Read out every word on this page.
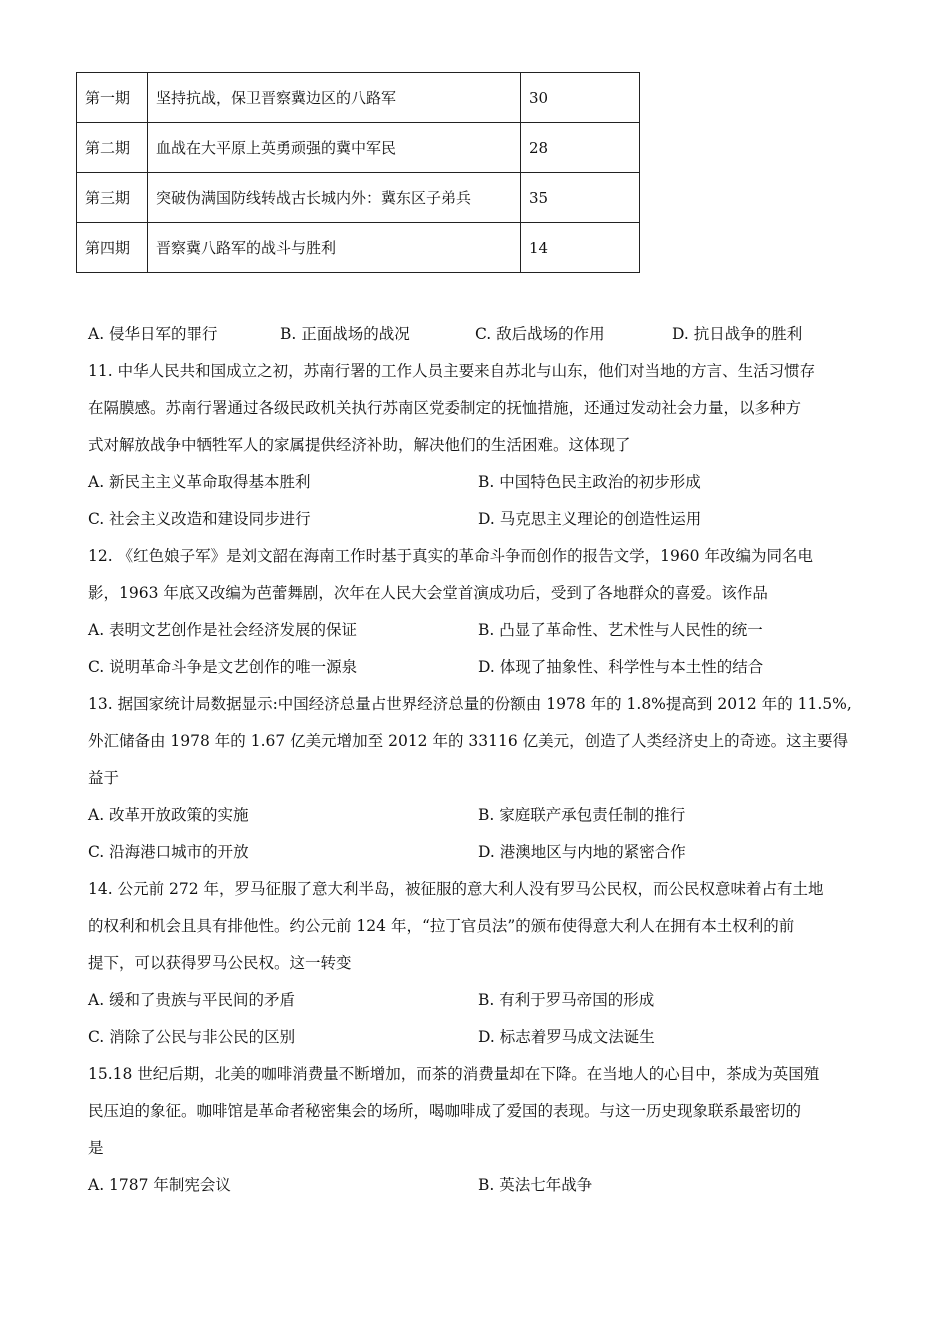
第一期	坚持抗战，保卫晋察冀边区的八路军	30
第二期	血战在大平原上英勇顽强的冀中军民	28
第三期	突破伪满国防线转战古长城内外：冀东区子弟兵	35
第四期	晋察冀八路军的战斗与胜利	14
A. 侵华日军的罪行	B. 正面战场的战况	C. 敌后战场的作用	D. 抗日战争的胜利
11. 中华人民共和国成立之初，苏南行署的工作人员主要来自苏北与山东，他们对当地的方言、生活习惯存
在隔膜感。苏南行署通过各级民政机关执行苏南区党委制定的抚恤措施，还通过发动社会力量，以多种方
式对解放战争中牺牲军人的家属提供经济补助，解决他们的生活困难。这体现了
A. 新民主主义革命取得基本胜利	B. 中国特色民主政治的初步形成
C. 社会主义改造和建设同步进行	D. 马克思主义理论的创造性运用
12. 《红色娘子军》是刘文韶在海南工作时基于真实的革命斗争而创作的报告文学，1960 年改编为同名电
影，1963 年底又改编为芭蕾舞剧，次年在人民大会堂首演成功后，受到了各地群众的喜爱。该作品
A. 表明文艺创作是社会经济发展的保证	B. 凸显了革命性、艺术性与人民性的统一
C. 说明革命斗争是文艺创作的唯一源泉	D. 体现了抽象性、科学性与本土性的结合
13. 据国家统计局数据显示:中国经济总量占世界经济总量的份额由 1978 年的 1.8%提高到 2012 年的 11.5%,
外汇储备由 1978 年的 1.67 亿美元增加至 2012 年的 33116 亿美元，创造了人类经济史上的奇迹。这主要得
益于
A. 改革开放政策的实施	B. 家庭联产承包责任制的推行
C. 沿海港口城市的开放	D. 港澳地区与内地的紧密合作
14. 公元前 272 年，罗马征服了意大利半岛，被征服的意大利人没有罗马公民权，而公民权意味着占有土地
的权利和机会且具有排他性。约公元前 124 年，“拉丁官员法”的颁布使得意大利人在拥有本土权利的前
提下，可以获得罗马公民权。这一转变
A. 缓和了贵族与平民间的矛盾	B. 有利于罗马帝国的形成
C. 消除了公民与非公民的区别	D. 标志着罗马成文法诞生
15.18 世纪后期，北美的咖啡消费量不断增加，而茶的消费量却在下降。在当地人的心目中，茶成为英国殖
民压迫的象征。咖啡馆是革命者秘密集会的场所，喝咖啡成了爱国的表现。与这一历史现象联系最密切的
是
A. 1787 年制宪会议	B. 英法七年战争
